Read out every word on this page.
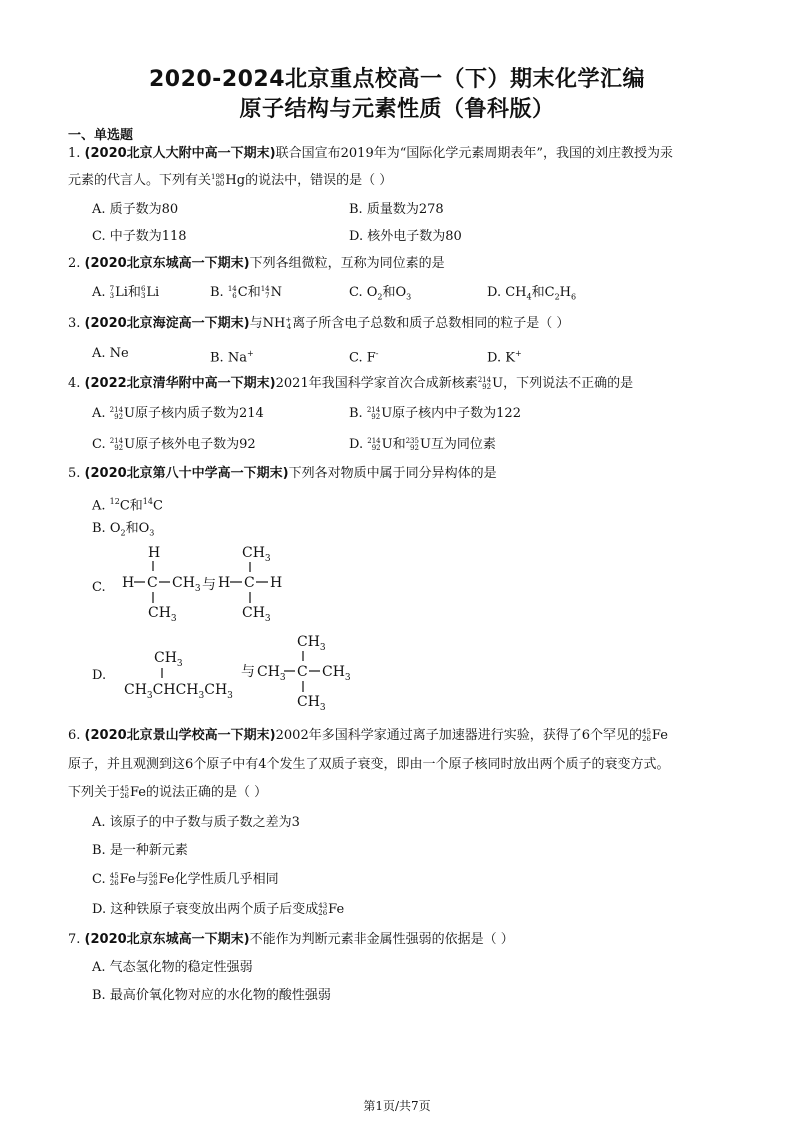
2020-2024北京重点校高一（下）期末化学汇编
原子结构与元素性质（鲁科版）
一、单选题
1. (2020北京人大附中高一下期末)联合国宣布2019年为“国际化学元素周期表年”，我国的刘庄教授为汞
元素的代言人。下列有关 198
80 Hg的说法中，错误的是（ ）
A. 质子数为80	B. 质量数为278
C. 中子数为118	D. 核外电子数为80
2. (2020北京东城高一下期末)下列各组微粒，互称为同位素的是
A. 7
3 Li和 6
3 Li	B. 14
6 C和 14
7 N	C. $O_2$和$O_3$	D. $CH_4$和$C_2H_6$
3. (2020北京海淀高一下期末)与NH +
4 离子所含电子总数和质子总数相同的粒子是（ ）
A. Ne	B. Na+	C. F-	D. K+
4. (2022北京清华附中高一下期末)2021年我国科学家首次合成新核素 214
92 U，下列说法不正确的是
A. 214
92 U原子核内质子数为214	B. 214
92 U原子核内中子数为122
C. 214
92 U原子核外电子数为92	D. 214
92 U和 235
92 U互为同位素
5. (2020北京第八十中学高一下期末)下列各对物质中属于同分异构体的是
A. $^{12}$C和$^{14}$C
B. $O_2$和$O_3$
C.
H
H C $CH_3$
$CH_3$
与 H C H
$CH_3$
$CH_3$
D.
$CH_3$
$CH_3CHCH_3CH_3$
与 $CH_3$ C $CH_3$
$CH_3$
$CH_3$
6. (2020北京景山学校高一下期末)2002年多国科学家通过离子加速器进行实验，获得了6个罕见的 45
26 Fe
原子，并且观测到这6个原子中有4个发生了双质子衰变，即由一个原子核同时放出两个质子的衰变方式。
下列关于 45
26 Fe的说法正确的是（ ）
A. 该原子的中子数与质子数之差为3
B. 是一种新元素
C. 45
26 Fe与 56
26 Fe化学性质几乎相同
D. 这种铁原子衰变放出两个质子后变成 43
26 Fe
7. (2020北京东城高一下期末)不能作为判断元素非金属性强弱的依据是（ ）
A. 气态氢化物的稳定性强弱
B. 最高价氧化物对应的水化物的酸性强弱
第1页/共7页
